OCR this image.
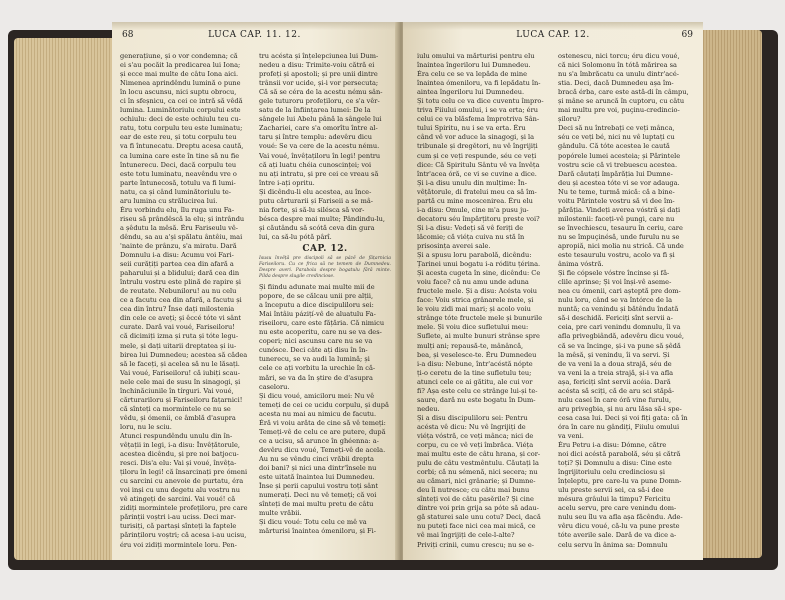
68	LUCA CAP. 11. 12.
generațiune, și o vor condemna; că
ei s'au pocăit la predicarea lui Iona;
și ecce mai multe de câtu Iona aici.
Nimenea aprindêndu lumină o pune
în locu ascunsu, nici suptu obrocu,
ci în sfeșnicu, ca cei ce intră să vêdă
lumina. Luminătoriulu corpului este
ochiulu: deci de este ochiulu teu cu-
ratu, totu corpulu teu este luminatu;
ear de este reu, și totu corpulu teu
va fi întunecatu. Dreptu acesa caută,
ca lumina care este în tine să nu fie
întunerecu. Deci, dacă corpulu teu
este totu luminatu, neavêndu vre o
parte întunecosă, totulu va fi lumi-
natu, ca și când luminătoriulu te-
aru lumina cu strălucirea lui.
Éru vorbindu elu, îlu ruga unu Fa-
riseu să prândêscă la elu; și intrându
a șêdutu la mêsă. Éru Fariseulu vê-
dêndu, sa au a'și spălatu ântêiu, mai
'nainte de prânzu, s'a miratu. Dară
Domnulu i-a disu: Acumu voi Fari-
seii curățiți partea cea din afară a
paharului și a blidului; dară cea din
întrulu vostru este plină de rapire și
de reutate. Nebuniloru! au nu celu
ce a facutu cea din afară, a facutu și
cea din întru? Însе dați milostenia
din cele ce aveți; și êccé tóte vi sânt
curate. Dară vai voué, Fariseiloru!
că dicimiți izma și ruta și tóte legu-
mele, și dați uitarii dreptatea și iu-
birea lui Dumnedeu; acestea să cădea
să le faceți, și acelea să nu le lăsați.
Vai voué, Fariseiloru! că iubiți scau-
nele cele mai de susu în sinagogi, și
închinăciunile în tírguri. Vai voué,
cărturariloru și Fariseiloru fațarnici!
că sînteți ca mormintele ce nu se
vêdu, și ómenii, ce âmblă d'asupra
loru, nu le sciu.
Atunci respundêndu unulu din în-
vêțații in legi, i-a disu: Învêțătorule,
acestea dicêndu, și pre noi batjocu-
resci. Dis'a elu: Vai și voué, învêța-
țiloru în legi! că însarcinați pre ómeni
cu sarcini cu anevoie de purtatu, éra
voi inși cu unu degetu alu vostru nu
vê atingeți de sarcini. Vai voué! că
zidiți mormintele profețiloru, pre care
părinții voștri i-au uciss. Deci mar-
turisiți, că partași sînteți la faptele
părințiloru voștri; că acesa i-au ucisu,
éru voi zidiți mormintele loru. Pen-
tru acésta și înțelepciunea lui Dum-
nedeu a disu: Trimite-voiu cătră ei
profeți și apostoli; și pre unii dintre
trânsii vor ucide, și-i vor persecuta;
Că să se céra de la acestu nému sân-
gele tuturoru profețiloru, ce s'a vêr-
satu de la înființarea lumei: De la
sângele lui Abelu până la sângele lui
Zachariei, care s'a omorîtu între al-
taru și între templu: adevêru dicu
voué: Se va cere de la acestu nému.
Vai voué, învêțațiloru în legi! pentru
că ați luatu chéia cunoscinței; voi
nu ați intratu, și pre cei ce vreau să
între i-ați opritu.
Și dicêndu-li elu acestea, au încе-
putu cărturarii și Fariseii a se mâ-
nia forte, și să-lu silésca să vor-
bésca despre mai multe; Pândindu-lu,
și căutându să scótă ceva din gura
lui, ca să-lu pótă pârî.
CAP. 12.
Isusu învêță pre discipoli să se pázê de fățarnicia Fariseiloru. Cu ce frica să ne temem de Dumnedeu. Despre averi. Parabola despre bogatulu fără minte. Pilda despre slugile credinciose.
Și fiindu adunate mai multe mii de
popore, de se călcau unii pre alții,
a începutu a dice discipuliloru sei:
Mai întâiu pázițí-vê de aluatulu Fa-
riseiloru, care este fățăria. Că nimicu
nu este acoperitu, care nu se va des-
coperi; nici ascunsu care nu se va
cunósce. Deci câte ați disu în în-
tunerecu, se va audi la lumină; și
cele ce ați vorbitu la urechie în că-
mări, se va da în știre de d'asupra
caseloru.
Și dicu voué, amiciloru mei: Nu vê
temeți de cei ce ucidu corpulu, și după
acesta nu mai au nimicu de facutu.
Éră vi voiu arăta de cine să vê temeți:
Temeți-vê de celu ce are putere, după
ce a ucisu, să arunce în ghéenna: a-
devêru dicu voué, Temeți-vê de acela.
Au nu se vêndu cinci vrăbii drepta
doi bani? și nici una dintr'însele nu
este uitată înaintea lui Dumnedeu.
Însе și perii capului vostru toți sânt
numerați. Deci nu vê temeți; că voi
sînteți de mai multu pretu de câtu
multe vrăbii.
Și dicu voué: Totu celu ce mê va
mărturisi înaintea ómeniloru, și Fi-
LUCA CAP. 12.	69
iulu omului va mărturisi pentru elu
înaintea îngeriloru lui Dumnedeu.
Éra celu ce se va lepăda de mine
înaintea ómeniloru, va fi lepădatu în-
aintea îngeriloru lui Dumnedeu.
Și totu celu ce va dice cuventu împro-
triva Fiiului omului, i se va erta; éru
celui ce va blăsfema împrotriva Sân-
tului Spiritu, nu i se va erta. Éru
când vê vor aduce la sinagogi, și la
tribunale și dregĕtori, nu vê îngrijiți
cum și ce veți respunde, séu ce veți
dice: Că Spiritulu Sântu vê va învêța
într'acea óră, ce vi se cuvine a dice.
Și i-a disu unulu din mulțime: În-
vêțătorule, di fratelui meu ca să îm-
partă cu mine moscenirea. Éru elu
i-a disu: Omule, cine m'a pusu ju-
decatoru séu împărțitoru preste voi?
Și i-a disu: Vedeți să vê feriți de
lăcomie; că viéța cuiva nu stă în
prisosința averei sale.
Și a spusu loru parabolă, dicêndu:
Țarinei unui bogatu i-a róditu țérina.
Și acesta cugeta în sine, dicêndu: Ce
voiu face? că nu amu unde aduna
fructele mele. Și a disu: Acésta voiu
face: Voiu strica grânarele mele, și
le voiu zidi mai mari; și acolo voiu
strânge tóte fructele mele și bunurile
mele. Și voiu dice sufletului meu:
Suflete, ai multe bunuri strânse spre
mulți ani; repausă-te, mânâncă,
bea, și veselesce-te. Éru Dumnedeu
i-a disu: Nebune, într'acéstă nópte
ți-o ceretu de la tine sufletulu teu;
atunci cele ce ai gătitu, ale cui vor
fi? Așa este celu ce strânge lui-și te-
saure, dară nu este bogatu în Dum-
nedeu.
Și a disu discipuliloru sei: Pentru
acésta vê dicu: Nu vê îngrijiți de
viéța vóstră, ce veți mânca; nici de
corpu, cu ce vê veți îmbrăca. Viéța
mai multu este de câtu hrana, și cor-
pulu de câtu vestmêntulu. Căutați la
corbi; că nu sémenă, nici secera; nu
au cămari, nici grânarie; și Dumne-
deu îi nutresce; cu câtu mai bunu
sînteți voi de câtu pasĕrile? Și cine
dintre voi prin grija sa póte să adau-
gă staturei sale unu cotu? Deci, dacă
nu puteți face nici cea mai mică, ce
vê mai îngrijiți de cele-l-alte?
Priviți crinii, cumu crescu; nu se e-
ostenescu, nici torcu; éru dicu voué,
că nici Solomonu în tótă mărirea sa
nu s'a îmbrăcatu ca unulu dintr'acé-
stia. Deci, dacă Dumnedeu așa îm-
bracă érba, care este astă-di în câmpu,
și mâne se aruncă în cuptoru, cu câtu
mai multu pre voi, puçinu-credincio-
șiloru?
Deci să nu întrebați ce veți mânca,
séu ce veți bé, nici nu vê luptați cu
gândulu. Că tóte acestea le caută
popórele lumei acesteia; și Părintele
vostru scie că vi trebuescu acestea.
Dară căutați împărăția lui Dumne-
deu și acestea tóte vi se vor adauga.
Nu te teme, turmă mică: că a bine-
voitu Părintele vostru să vi dee îm-
părăția. Vindeți averea vóstră și dați
milostenii: faceți-vê pungi, care nu
se învechiescu, tesauru în ceriu, care
nu se împuçinésă, unde furulu nu se
apropiă, nici molia nu strică. Că unde
este tesaurulu vostru, acolo va fi și
ânima vóstră.
Și fie cópsele vóstre încinse și fă-
clile aprinse; Și voi înși-vê aseme-
nea cu ómenii, cari așteptă pre dom-
nulu loru, când se va întórce de la
nuntă; ca venindu și bătêndu îndată
să-i deschidă. Fericiți sînt servii a-
ceia, pre cari venindu domnulu, îi va
afla privegbiândă, adevêru dicu voué,
că se va încinge, și-i va pune să șêdă
la mêsă, și venindu, îi va servi. Și
de va veni la a doua strajă, séu de
va veni la a treia strajă, și-i va afla
așa, fericiți sînt servii acéia. Dară
acésta să sciți, că de aru sci stăpâ-
nulu casei în care óră vine furulu,
aru privegbia, și nu aru lăsa să-i spe-
cesa casa lui. Deci și voi fiți gata: că în
óra în care nu gândiți, Fiiulu omului
va veni.
Éru Petru i-a disu: Dómne, către
noi dici acéstă parabolă, séu și cătră
toți? Și Domnulu a disu: Cine este
îngrijitoriulu celu credinciosu și
înțeleptu, pre care-lu va pune Domn-
ulu preste servii sei, ca să-i dee
mésura grâului la timpu? Fericitu
acelu servu, pre care venindu dom-
nulu seu îlu va afla așa făcêndu. Ade-
vêru dicu voué, că-lu va pune preste
tóte averile sale. Dară de va dice a-
celu servu în ânima sa: Domnulu
